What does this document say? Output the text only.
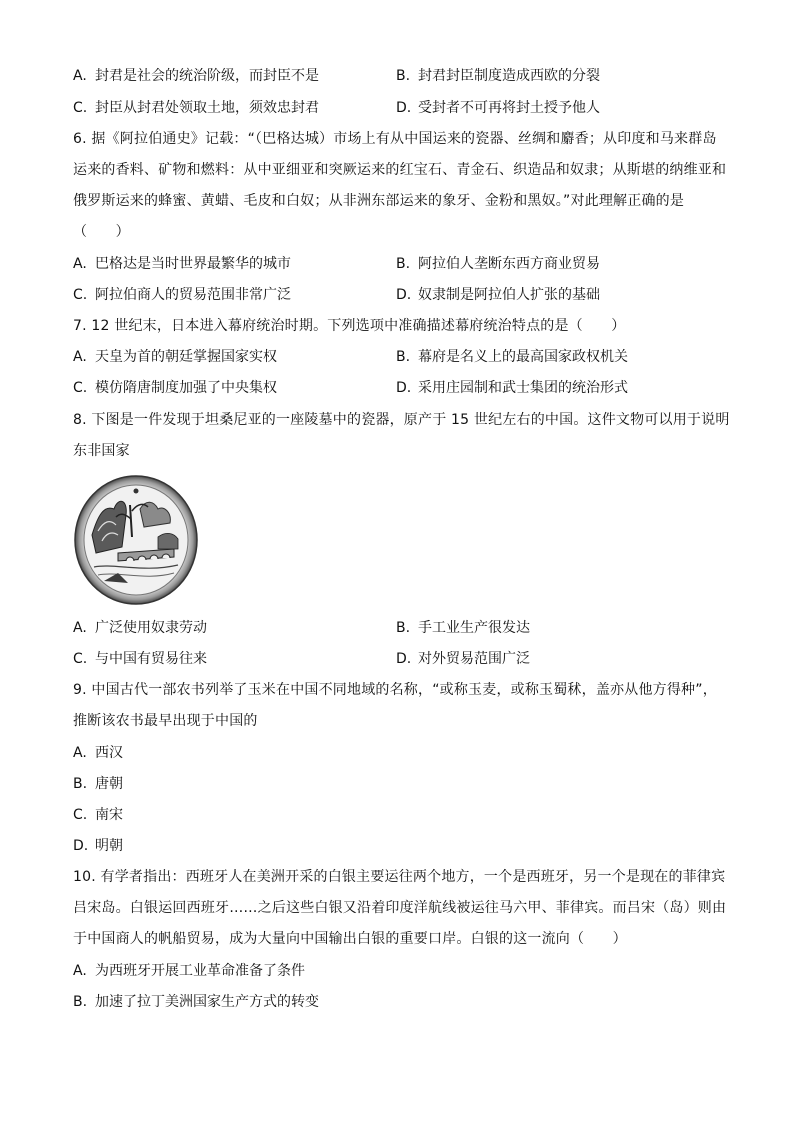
A. 封君是社会的统治阶级，而封臣不是	B. 封君封臣制度造成西欧的分裂
C. 封臣从封君处领取土地，须效忠封君	D. 受封者不可再将封土授予他人
6. 据《阿拉伯通史》记载：“（巴格达城）市场上有从中国运来的瓷器、丝绸和麝香；从印度和马来群岛
运来的香料、矿物和燃料：从中亚细亚和突厥运来的红宝石、青金石、织造品和奴隶；从斯堪的纳维亚和
俄罗斯运来的蜂蜜、黄蜡、毛皮和白奴；从非洲东部运来的象牙、金粉和黑奴。”对此理解正确的是
（　　）
A. 巴格达是当时世界最繁华的城市	B. 阿拉伯人垄断东西方商业贸易
C. 阿拉伯商人的贸易范围非常广泛	D. 奴隶制是阿拉伯人扩张的基础
7. 12 世纪末，日本进入幕府统治时期。下列选项中准确描述幕府统治特点的是（　　）
A. 天皇为首的朝廷掌握国家实权	B. 幕府是名义上的最高国家政权机关
C. 模仿隋唐制度加强了中央集权	D. 采用庄园制和武士集团的统治形式
8. 下图是一件发现于坦桑尼亚的一座陵墓中的瓷器，原产于 15 世纪左右的中国。这件文物可以用于说明
东非国家
A. 广泛使用奴隶劳动	B. 手工业生产很发达
C. 与中国有贸易往来	D. 对外贸易范围广泛
9. 中国古代一部农书列举了玉米在中国不同地域的名称，“或称玉麦，或称玉蜀秫，盖亦从他方得种”，
推断该农书最早出现于中国的
A. 西汉
B. 唐朝
C. 南宋
D. 明朝
10. 有学者指出：西班牙人在美洲开采的白银主要运往两个地方，一个是西班牙，另一个是现在的菲律宾
吕宋岛。白银运回西班牙……之后这些白银又沿着印度洋航线被运往马六甲、菲律宾。而吕宋（岛）则由
于中国商人的帆船贸易，成为大量向中国输出白银的重要口岸。白银的这一流向（　　）
A. 为西班牙开展工业革命准备了条件
B. 加速了拉丁美洲国家生产方式的转变
